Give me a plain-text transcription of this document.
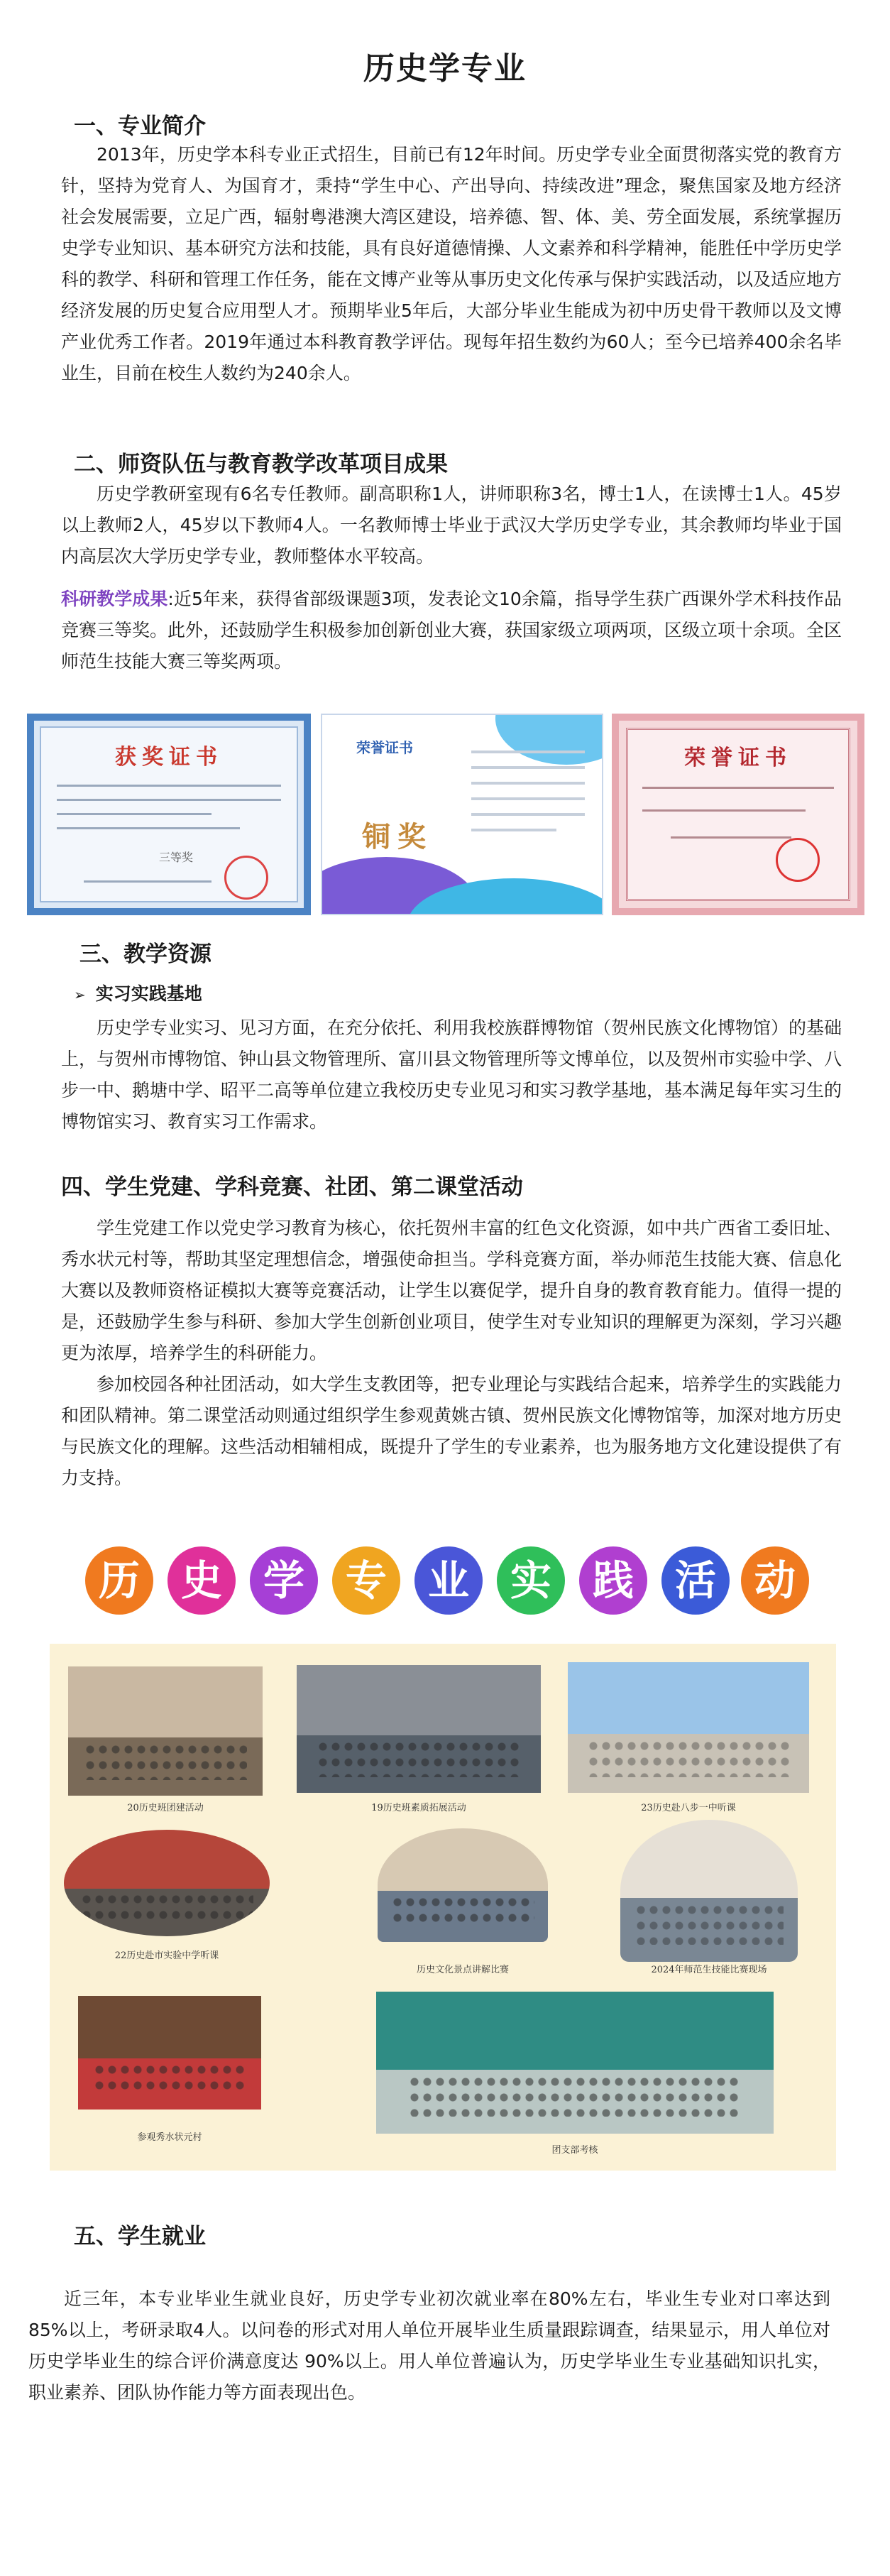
历史学专业
一、专业简介

2013年，历史学本科专业正式招生，目前已有12年时间。历史学专业全面贯彻落实党的教育方针，坚持为党育人、为国育才，秉持“学生中心、产出导向、持续改进”理念，聚焦国家及地方经济社会发展需要，立足广西，辐射粤港澳大湾区建设，培养德、智、体、美、劳全面发展，系统掌握历史学专业知识、基本研究方法和技能，具有良好道德情操、人文素养和科学精神，能胜任中学历史学科的教学、科研和管理工作任务，能在文博产业等从事历史文化传承与保护实践活动，以及适应地方经济发展的历史复合应用型人才。预期毕业5年后，大部分毕业生能成为初中历史骨干教师以及文博产业优秀工作者。2019年通过本科教育教学评估。现每年招生数约为60人；至今已培养400余名毕业生，目前在校生人数约为240余人。

二、师资队伍与教育教学改革项目成果

历史学教研室现有6名专任教师。副高职称1人，讲师职称3名，博士1人，在读博士1人。45岁以上教师2人，45岁以下教师4人。一名教师博士毕业于武汉大学历史学专业，其余教师均毕业于国内高层次大学历史学专业，教师整体水平较高。

科研教学成果:近5年来，获得省部级课题3项，发表论文10余篇，指导学生获广西课外学术科技作品竞赛三等奖。此外，还鼓励学生积极参加创新创业大赛，获国家级立项两项，区级立项十余项。全区师范生技能大赛三等奖两项。

获奖证书
三等奖
荣誉证书
铜奖
荣誉证书
三、教学资源
➢ 实习实践基地

历史学专业实习、见习方面，在充分依托、利用我校族群博物馆（贺州民族文化博物馆）的基础上，与贺州市博物馆、钟山县文物管理所、富川县文物管理所等文博单位，以及贺州市实验中学、八步一中、鹅塘中学、昭平二高等单位建立我校历史专业见习和实习教学基地，基本满足每年实习生的博物馆实习、教育实习工作需求。

四、学生党建、学科竞赛、社团、第二课堂活动

学生党建工作以党史学习教育为核心，依托贺州丰富的红色文化资源，如中共广西省工委旧址、秀水状元村等，帮助其坚定理想信念，增强使命担当。学科竞赛方面，举办师范生技能大赛、信息化大赛以及教师资格证模拟大赛等竞赛活动，让学生以赛促学，提升自身的教育教育能力。值得一提的是，还鼓励学生参与科研、参加大学生创新创业项目，使学生对专业知识的理解更为深刻，学习兴趣更为浓厚，培养学生的科研能力。

参加校园各种社团活动，如大学生支教团等，把专业理论与实践结合起来，培养学生的实践能力和团队精神。第二课堂活动则通过组织学生参观黄姚古镇、贺州民族文化博物馆等，加深对地方历史与民族文化的理解。这些活动相辅相成，既提升了学生的专业素养，也为服务地方文化建设提供了有力支持。

历 史 学 专 业 实 践 活 动
20历史班团建活动	19历史班素质拓展活动	23历史赴八步一中听课
22历史赴市实验中学听课
历史文化景点讲解比赛	2024年师范生技能比赛现场
参观秀水状元村
团支部考核
五、学生就业

近三年，本专业毕业生就业良好，历史学专业初次就业率在80%左右，毕业生专业对口率达到85%以上，考研录取4人。以问卷的形式对用人单位开展毕业生质量跟踪调查，结果显示，用人单位对历史学毕业生的综合评价满意度达 90%以上。用人单位普遍认为，历史学毕业生专业基础知识扎实，职业素养、团队协作能力等方面表现出色。
